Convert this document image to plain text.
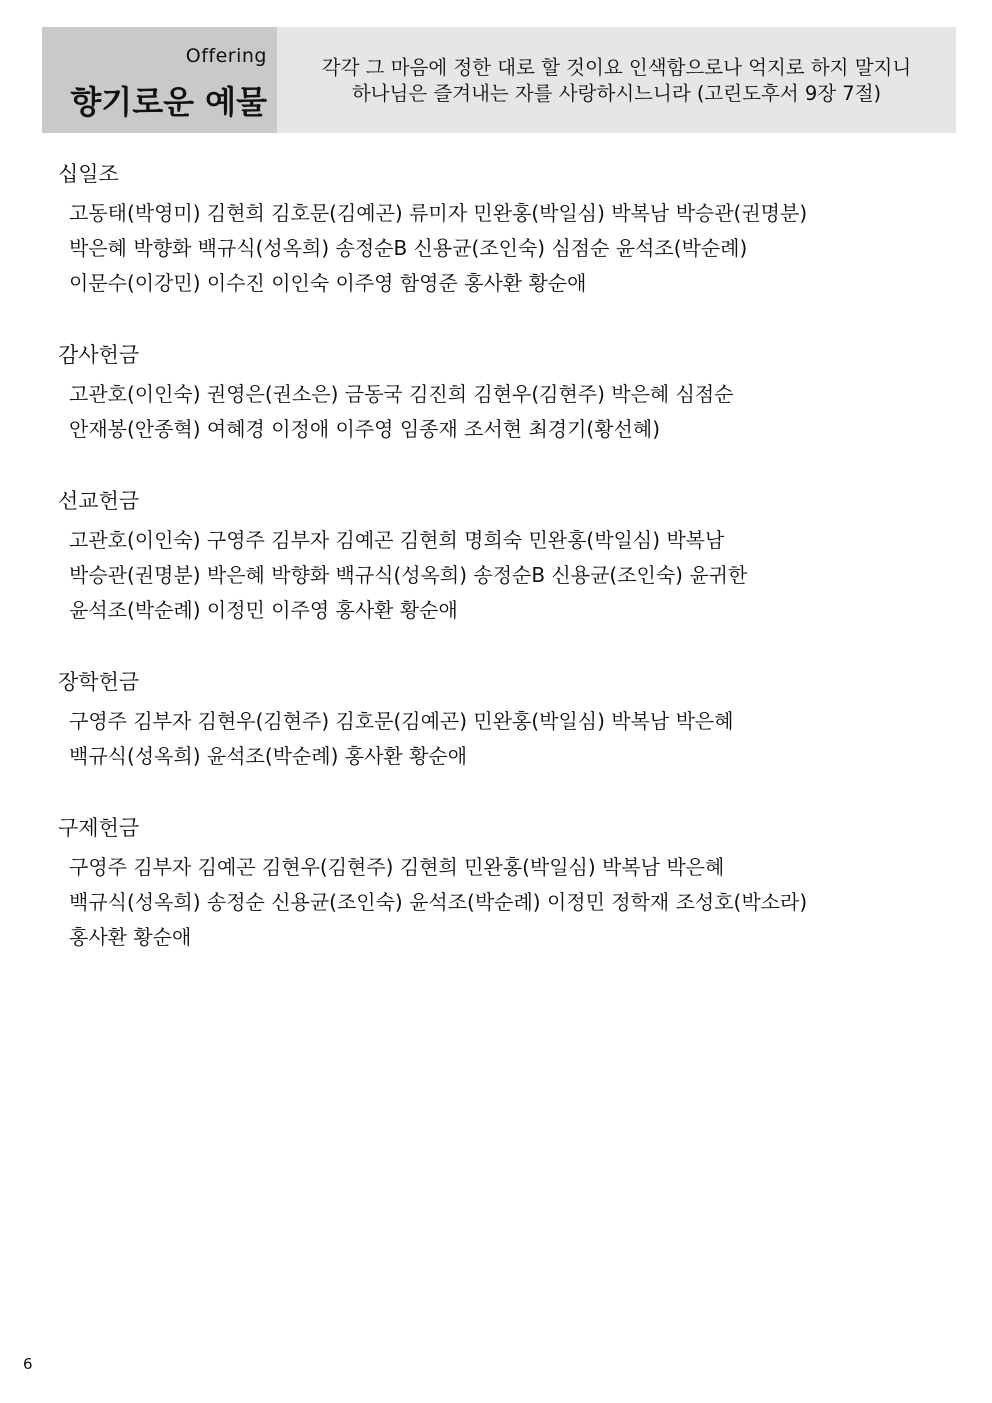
Offering
향기로운 예물
각각 그 마음에 정한 대로 할 것이요 인색함으로나 억지로 하지 말지니
하나님은 즐겨내는 자를 사랑하시느니라 (고린도후서 9장 7절)
십일조
고동태(박영미) 김현희 김호문(김예곤) 류미자 민완홍(박일심) 박복남 박승관(권명분)
박은혜 박향화 백규식(성옥희) 송정순B 신용균(조인숙) 심점순 윤석조(박순례)
이문수(이강민) 이수진 이인숙 이주영 함영준 홍사환 황순애
감사헌금
고관호(이인숙) 권영은(권소은) 금동국 김진희 김현우(김현주) 박은혜 심점순
안재봉(안종혁) 여혜경 이정애 이주영 임종재 조서현 최경기(황선혜)
선교헌금
고관호(이인숙) 구영주 김부자 김예곤 김현희 명희숙 민완홍(박일심) 박복남
박승관(권명분) 박은혜 박향화 백규식(성옥희) 송정순B 신용균(조인숙) 윤귀한
윤석조(박순례) 이정민 이주영 홍사환 황순애
장학헌금
구영주 김부자 김현우(김현주) 김호문(김예곤) 민완홍(박일심) 박복남 박은혜
백규식(성옥희) 윤석조(박순례) 홍사환 황순애
구제헌금
구영주 김부자 김예곤 김현우(김현주) 김현희 민완홍(박일심) 박복남 박은혜
백규식(성옥희) 송정순 신용균(조인숙) 윤석조(박순례) 이정민 정학재 조성호(박소라)
홍사환 황순애
6
